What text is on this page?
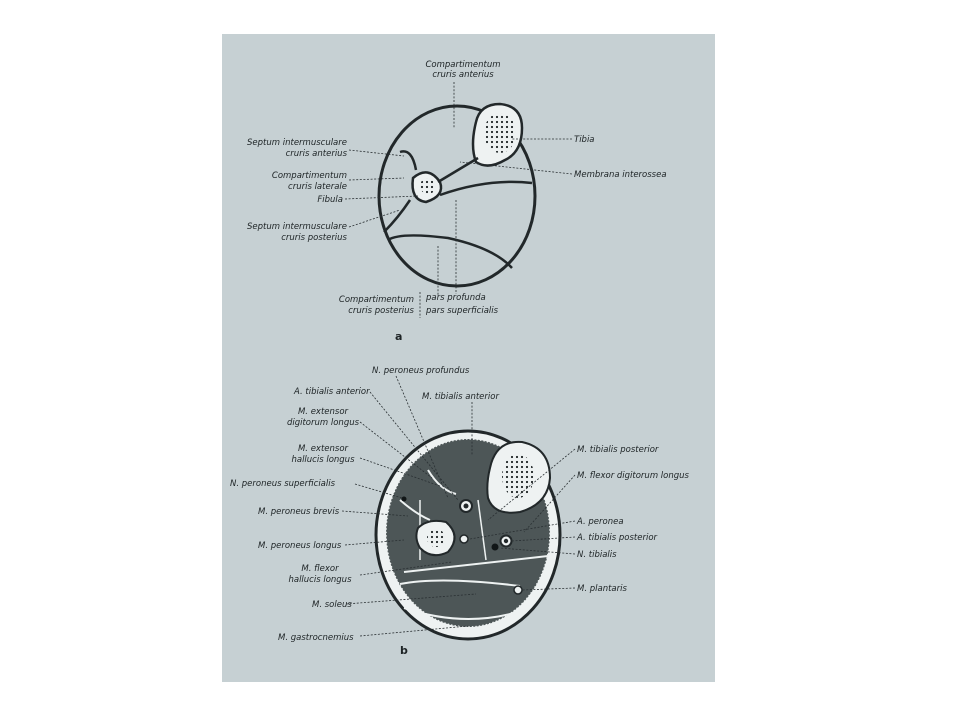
Compartimentum cruris anterius
Septum intermusculare cruris anterius
Compartimentum cruris laterale
Fibula
Septum intermusculare cruris posterius
Tibia
Membrana interossea
Compartimentum cruris posterius
pars profunda
pars superficialis
a
N. peroneus profundus
A. tibialis anterior
M. extensor digitorum longus
M. extensor hallucis longus
N. peroneus superficialis
M. peroneus brevis
M. peroneus longus
M. flexor hallucis longus
M. soleus
M. gastrocnemius
M. tibialis anterior
M. tibialis posterior
M. flexor digitorum longus
A. peronea
A. tibialis posterior
N. tibialis
M. plantaris
b
